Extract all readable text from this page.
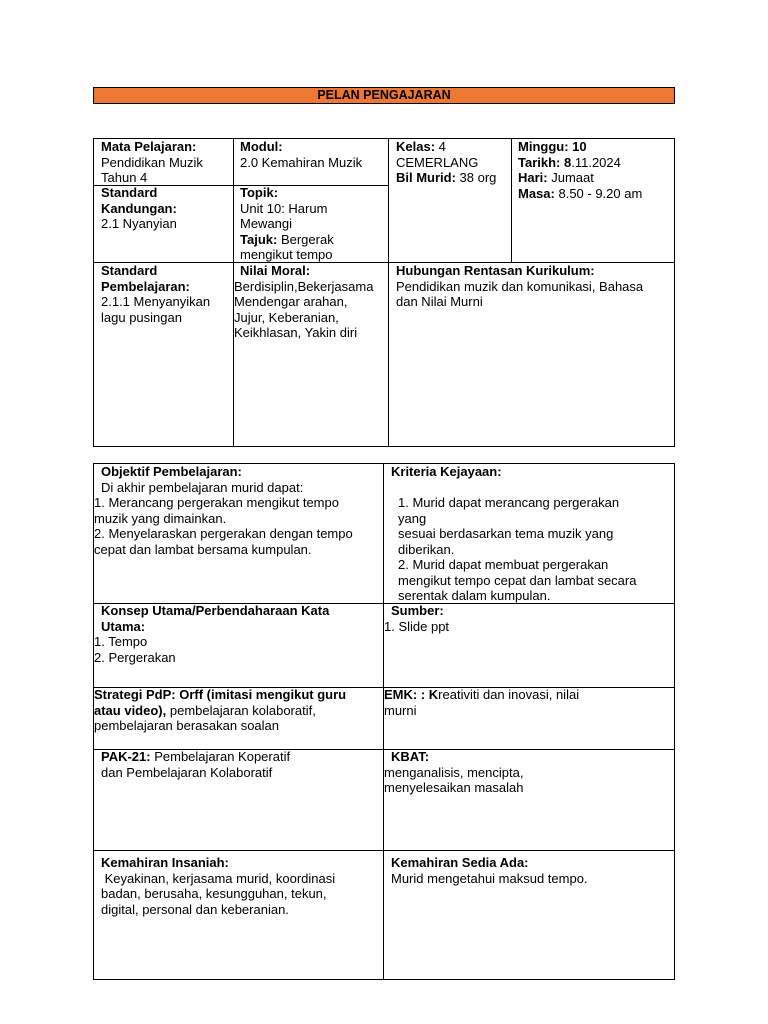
PELAN PENGAJARAN
Mata Pelajaran:
Pendidikan Muzik
Tahun 4
Modul:
2.0 Kemahiran Muzik
Kelas: 4
CEMERLANG
Bil Murid: 38 org
Minggu: 10
Tarikh: 8.11.2024
Hari: Jumaat
Masa: 8.50 - 9.20 am
Standard
Kandungan:
2.1 Nyanyian
Topik:
Unit 10: Harum
Mewangi
Tajuk: Bergerak
mengikut tempo
Standard
Pembelajaran:
2.1.1 Menyanyikan
lagu pusingan
Nilai Moral:
Berdisiplin,Bekerjasama
Mendengar arahan,
Jujur, Keberanian,
Keikhlasan, Yakin diri
Hubungan Rentasan Kurikulum:
Pendidikan muzik dan komunikasi, Bahasa
dan Nilai Murni
Objektif Pembelajaran:
Di akhir pembelajaran murid dapat:
1. Merancang pergerakan mengikut tempo
muzik yang dimainkan.
2. Menyelaraskan pergerakan dengan tempo
cepat dan lambat bersama kumpulan.
Kriteria Kejayaan:
1. Murid dapat merancang pergerakan
yang
sesuai berdasarkan tema muzik yang
diberikan.
2. Murid dapat membuat pergerakan
mengikut tempo cepat dan lambat secara
serentak dalam kumpulan.
Konsep Utama/Perbendaharaan Kata
Utama:
1. Tempo
2. Pergerakan
Sumber:
1. Slide ppt
Strategi PdP: Orff (imitasi mengikut guru
atau video), pembelajaran kolaboratif,
pembelajaran berasakan soalan
EMK: : Kreativiti dan inovasi, nilai
murni
PAK-21: Pembelajaran Koperatif
dan Pembelajaran Kolaboratif
KBAT:
menganalisis, mencipta,
menyelesaikan masalah
Kemahiran Insaniah:
Keyakinan, kerjasama murid, koordinasi
badan, berusaha, kesungguhan, tekun,
digital, personal dan keberanian.
Kemahiran Sedia Ada:
Murid mengetahui maksud tempo.
